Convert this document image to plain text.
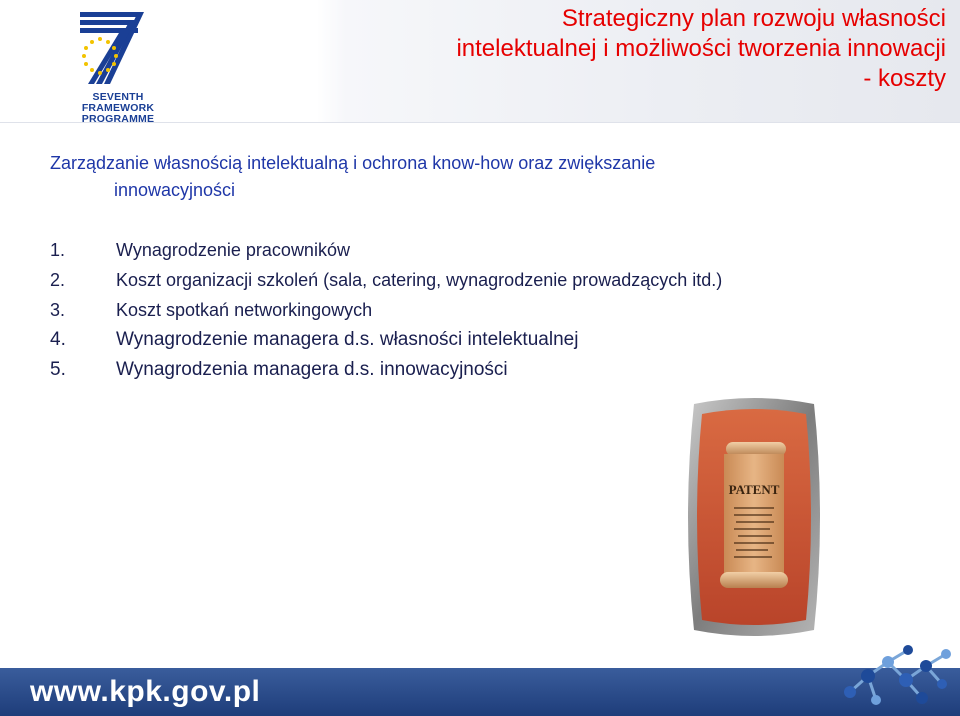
SEVENTH FRAMEWORK
PROGRAMME
Strategiczny plan rozwoju własności
intelektualnej i możliwości tworzenia innowacji
- koszty
Zarządzanie własnością intelektualną i ochrona know-how oraz zwiększanie
innowacyjności
1.	Wynagrodzenie pracowników
2.	Koszt organizacji szkoleń (sala, catering, wynagrodzenie prowadzących itd.)
3.	Koszt spotkań networkingowych
4.	Wynagrodzenie managera d.s. własności intelektualnej
5.	Wynagrodzenia managera d.s. innowacyjności
PATENT
www.kpk.gov.pl
